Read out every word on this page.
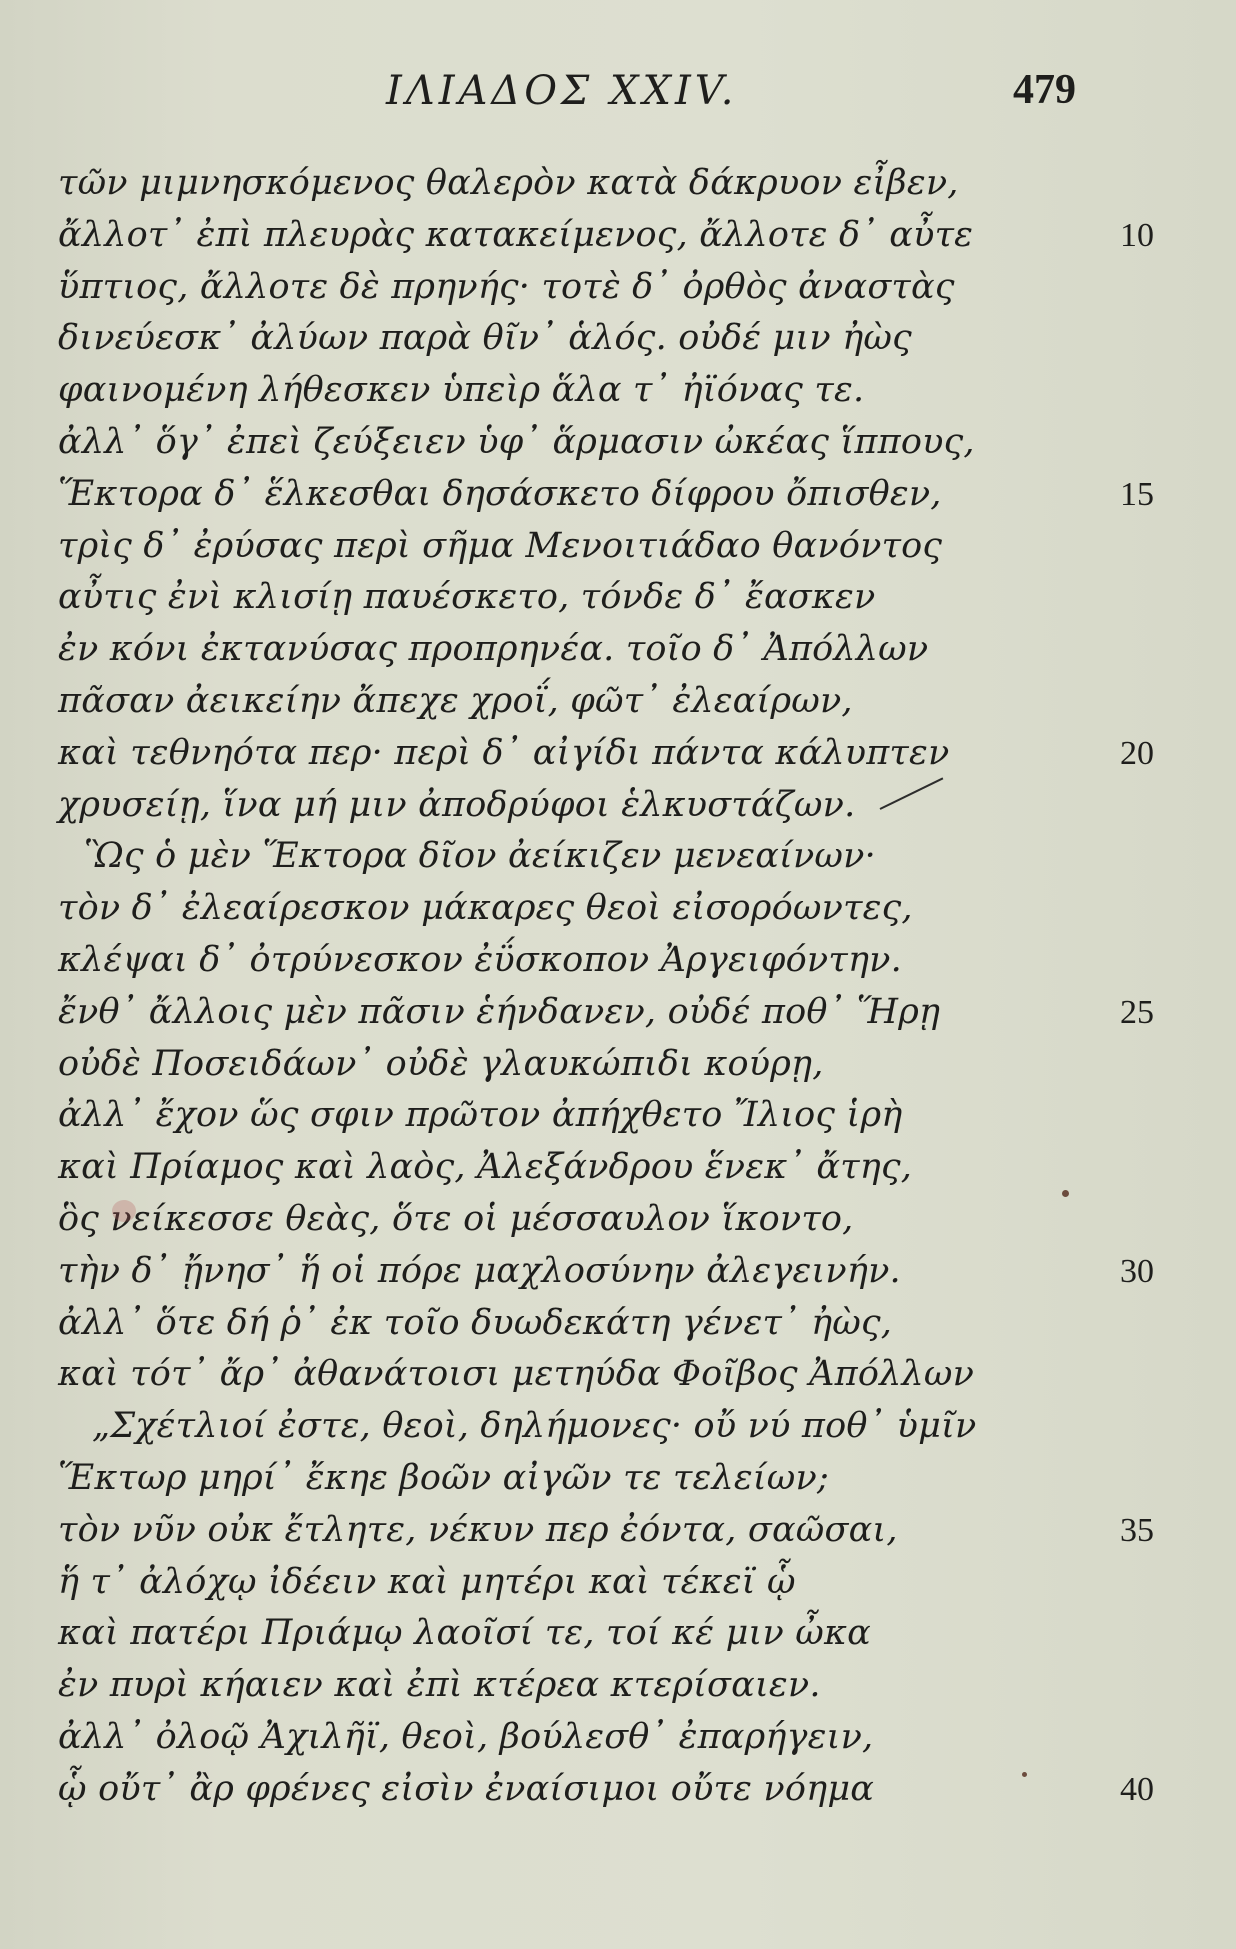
ΙΛΙΑΔΟΣ XXIV.	479
τῶν μιμνησκόμενος θαλερὸν κατὰ δάκρυον εἶβεν,
ἄλλοτ᾽ ἐπὶ πλευρὰς κατακείμενος, ἄλλοτε δ᾽ αὖτε	10
ὕπτιος, ἄλλοτε δὲ πρηνής· τοτὲ δ᾽ ὀρθὸς ἀναστὰς
δινεύεσκ᾽ ἀλύων παρὰ θῖν᾽ ἁλός. οὐδέ μιν ἠὼς
φαινομένη λήθεσκεν ὑπεὶρ ἅλα τ᾽ ἠϊόνας τε.
ἀλλ᾽ ὅγ᾽ ἐπεὶ ζεύξειεν ὑφ᾽ ἅρμασιν ὠκέας ἵππους,
Ἕκτορα δ᾽ ἕλκεσθαι δησάσκετο δίφρου ὄπισθεν,	15
τρὶς δ᾽ ἐρύσας περὶ σῆμα Μενοιτιάδαο θανόντος
αὖτις ἐνὶ κλισίῃ παυέσκετο, τόνδε δ᾽ ἔασκεν
ἐν κόνι ἐκτανύσας προπρηνέα. τοῖο δ᾽ Ἀπόλλων
πᾶσαν ἀεικείην ἄπεχε χροΐ, φῶτ᾽ ἐλεαίρων,
καὶ τεθνηότα περ· περὶ δ᾽ αἰγίδι πάντα κάλυπτεν	20
χρυσείῃ, ἵνα μή μιν ἀποδρύφοι ἑλκυστάζων.
Ὣς ὁ μὲν Ἕκτορα δῖον ἀείκιζεν μενεαίνων·
τὸν δ᾽ ἐλεαίρεσκον μάκαρες θεοὶ εἰσορόωντες,
κλέψαι δ᾽ ὀτρύνεσκον ἐΰσκοπον Ἀργειφόντην.
ἔνθ᾽ ἄλλοις μὲν πᾶσιν ἑήνδανεν, οὐδέ ποθ᾽ Ἥρῃ	25
οὐδὲ Ποσειδάων᾽ οὐδὲ γλαυκώπιδι κούρῃ,
ἀλλ᾽ ἔχον ὥς σφιν πρῶτον ἀπήχθετο Ἴλιος ἱρὴ
καὶ Πρίαμος καὶ λαὸς, Ἀλεξάνδρου ἕνεκ᾽ ἄτης,
ὃς νείκεσσε θεὰς, ὅτε οἱ μέσσαυλον ἵκοντο,
τὴν δ᾽ ᾔνησ᾽ ἥ οἱ πόρε μαχλοσύνην ἀλεγεινήν.	30
ἀλλ᾽ ὅτε δή ῥ᾽ ἐκ τοῖο δυωδεκάτη γένετ᾽ ἠὼς,
καὶ τότ᾽ ἄρ᾽ ἀθανάτοισι μετηύδα Φοῖβος Ἀπόλλων
„Σχέτλιοί ἐστε, θεοὶ, δηλήμονες· οὔ νύ ποθ᾽ ὑμῖν
Ἕκτωρ μηρί᾽ ἔκηε βοῶν αἰγῶν τε τελείων;
τὸν νῦν οὐκ ἔτλητε, νέκυν περ ἐόντα, σαῶσαι,	35
ἥ τ᾽ ἀλόχῳ ἰδέειν καὶ μητέρι καὶ τέκεϊ ᾧ
καὶ πατέρι Πριάμῳ λαοῖσί τε, τοί κέ μιν ὦκα
ἐν πυρὶ κήαιεν καὶ ἐπὶ κτέρεα κτερίσαιεν.
ἀλλ᾽ ὀλοῷ Ἀχιλῆϊ, θεοὶ, βούλεσθ᾽ ἐπαρήγειν,
ᾧ οὔτ᾽ ἂρ φρένες εἰσὶν ἐναίσιμοι οὔτε νόημα	40
